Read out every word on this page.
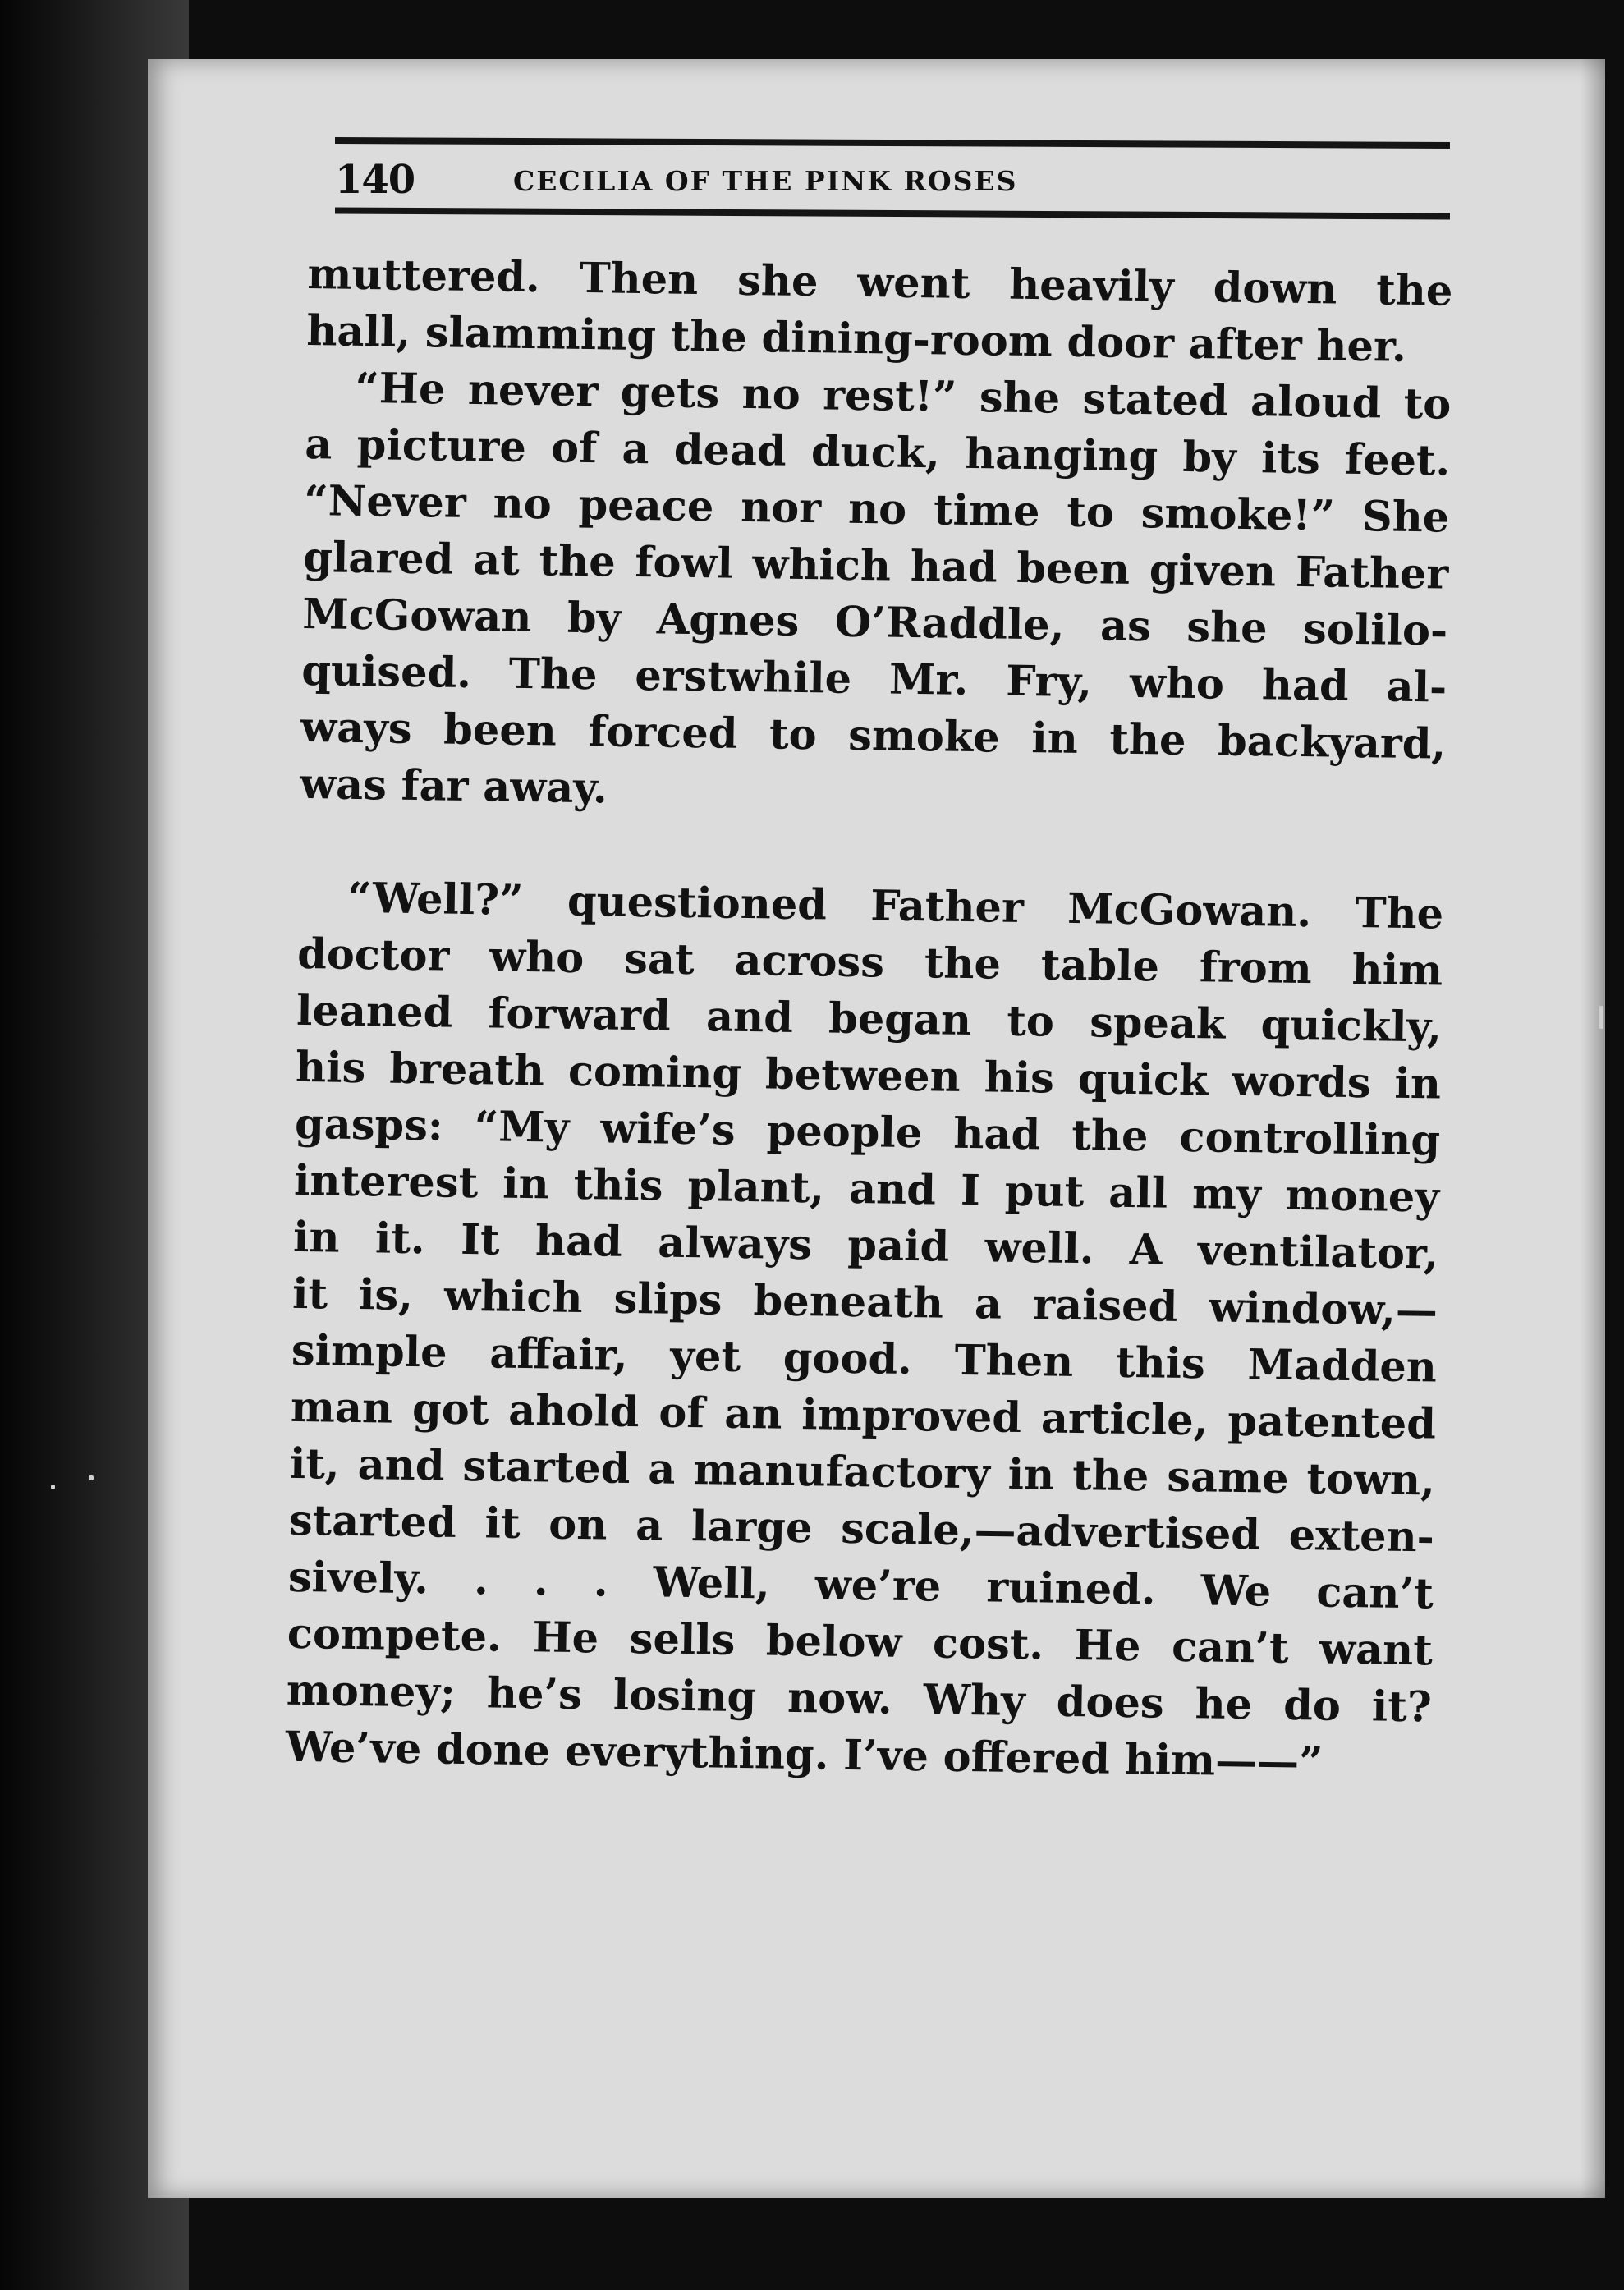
140	CECILIA OF THE PINK ROSES
muttered. Then she went heavily down the
hall, slamming the dining-room door after her.
“He never gets no rest!” she stated aloud to
a picture of a dead duck, hanging by its feet.
“Never no peace nor no time to smoke!” She
glared at the fowl which had been given Father
McGowan by Agnes O’Raddle, as she solilo-
quised. The erstwhile Mr. Fry, who had al-
ways been forced to smoke in the backyard,
was far away.
“Well?” questioned Father McGowan. The
doctor who sat across the table from him
leaned forward and began to speak quickly,
his breath coming between his quick words in
gasps: “My wife’s people had the controlling
interest in this plant, and I put all my money
in it. It had always paid well. A ventilator,
it is, which slips beneath a raised window,—
simple affair, yet good. Then this Madden
man got ahold of an improved article, patented
it, and started a manufactory in the same town,
started it on a large scale,—advertised exten-
sively. . . . Well, we’re ruined. We can’t
compete. He sells below cost. He can’t want
money; he’s losing now. Why does he do it?
We’ve done everything. I’ve offered him——”
